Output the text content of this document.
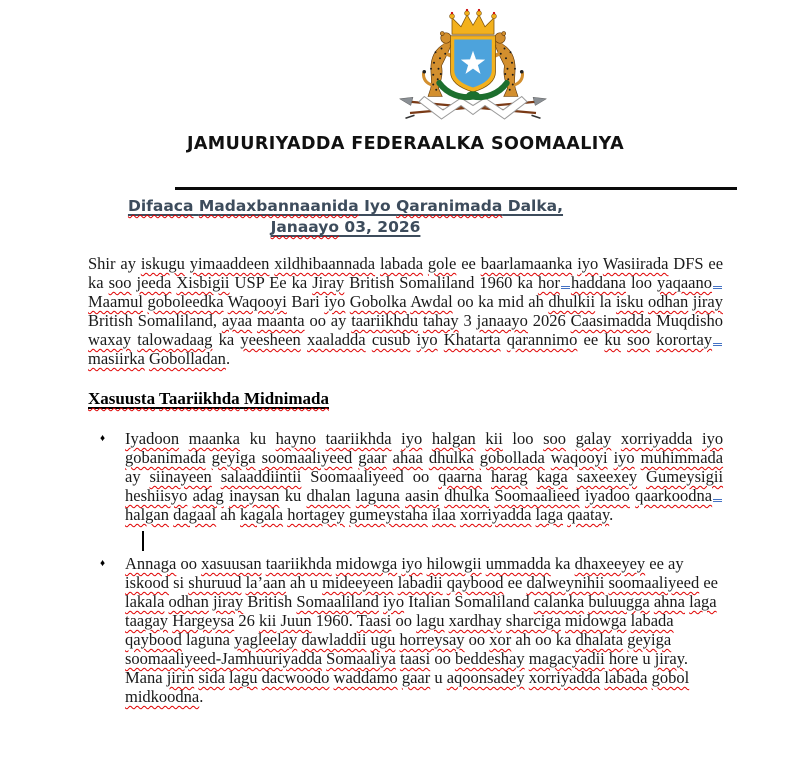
JAMUURIYADDA FEDERAALKA SOOMAALIYA
Difaaca Madaxbannaanida Iyo Qaranimada Dalka,
Janaayo 03, 2026
Shir ay iskugu yimaaddeen xildhibaannada labada gole ee baarlamaanka iyo Wasiirada DFS ee ka soo jeeda Xisbigii USP Ee ka Jiray British Somaliland 1960 ka hor haddana loo yaqaanoMaamul goboleedka Waqooyi Bari iyo Gobolka Awdal oo ka mid ah dhulkii la isku odhan jiray British Somaliland, ayaa maanta oo ay taariikhdu tahay 3 janaayo 2026 Caasimadda Muqdisho waxay talowadaag ka yeesheen xaaladda cusub iyo Khatarta qarannimo ee ku soo korortaymasiirka Gobolladan.
Xasuusta Taariikhda Midnimada
♦	Iyadoon maanka ku hayno taariikhda iyo halgan kii loo soo galay xorriyadda iyo gobanimada geyiga soomaaliyeed gaar ahaa dhulka gobollada waqooyi iyo muhimmada ay siinayeen salaaddiintii Soomaaliyeed oo qaarna harag kaga saxeexey Gumeysigii heshiisyo adag inaysan ku dhalan laguna aasin dhulka Soomaalieed iyadoo qaarkoodnahalgan dagaal ah kagala hortagey gumeystaha ilaa xorriyadda laga qaatay.
♦	Annaga oo xasuusan taariikhda midowga iyo hilowgii ummadda ka dhaxeeyey ee ay iskood si shuruud la’aan ah u mideeyeen labadii qaybood ee dalweynihii soomaaliyeed ee lakala odhan jiray British Somaaliland iyo Italian Somaliland calanka buluugga ahna laga taagay Hargeysa 26 kii Juun 1960. Taasi oo lagu xardhay sharciga midowga labada qaybood laguna yagleelay dawladdii ugu horreysay oo xor ah oo ka dhalata geyiga soomaaliyeed-Jamhuuriyadda Somaaliya taasi oo beddeshay magacyadii hore u jiray. Mana jirin sida lagu dacwoodo waddamo gaar u aqoonsadey xorriyadda labada gobol midkoodna.
